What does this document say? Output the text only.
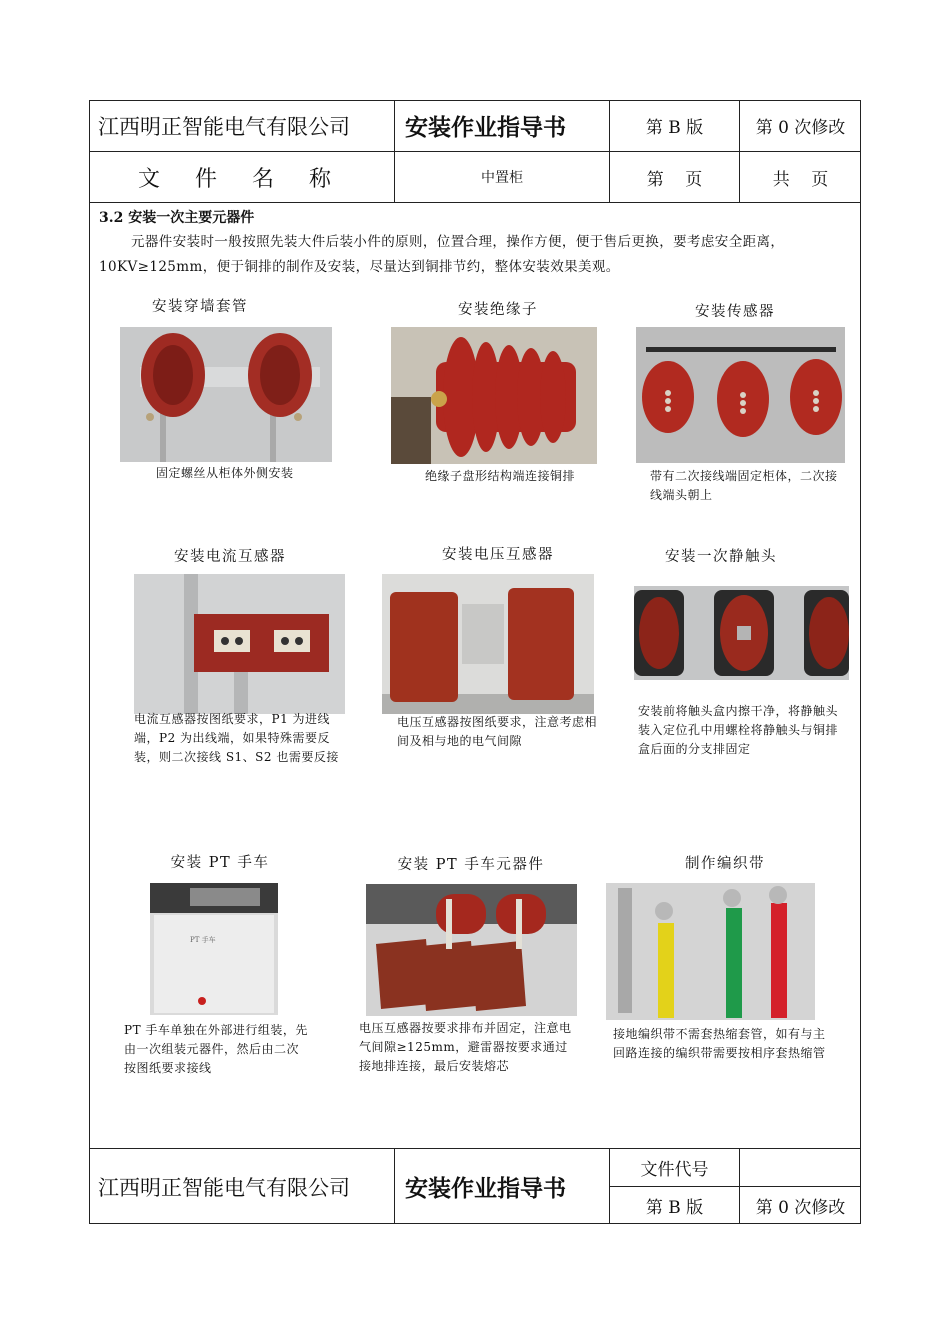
江西明正智能电气有限公司	安装作业指导书	第 B 版	第 0 次修改
文 件 名 称	中置柜	第    页	共    页
3.2 安装一次主要元器件
元器件安装时一般按照先装大件后装小件的原则，位置合理，操作方便，便于售后更换，要考虑安全距离，10KV≥125mm，便于铜排的制作及安装，尽量达到铜排节约，整体安装效果美观。
安装穿墙套管
固定螺丝从柜体外侧安装
安装绝缘子
绝缘子盘形结构端连接铜排
安装传感器
带有二次接线端固定柜体，二次接线端头朝上
安装电流互感器
电流互感器按图纸要求，P1 为进线端，P2 为出线端，如果特殊需要反装，则二次接线 S1、S2 也需要反接
安装电压互感器
电压互感器按图纸要求，注意考虑相间及相与地的电气间隙
安装一次静触头
安装前将触头盒内擦干净，将静触头装入定位孔中用螺栓将静触头与铜排盒后面的分支排固定
安装 PT 手车
PT 手车
PT 手车单独在外部进行组装，先由一次组装元器件，然后由二次按图纸要求接线
安装 PT 手车元器件
电压互感器按要求排布并固定，注意电气间隙≥125mm，避雷器按要求通过接地排连接，最后安装熔芯
制作编织带
接地编织带不需套热缩套管，如有与主回路连接的编织带需要按相序套热缩管
江西明正智能电气有限公司	安装作业指导书
文件代号
第 B 版	第 0 次修改
